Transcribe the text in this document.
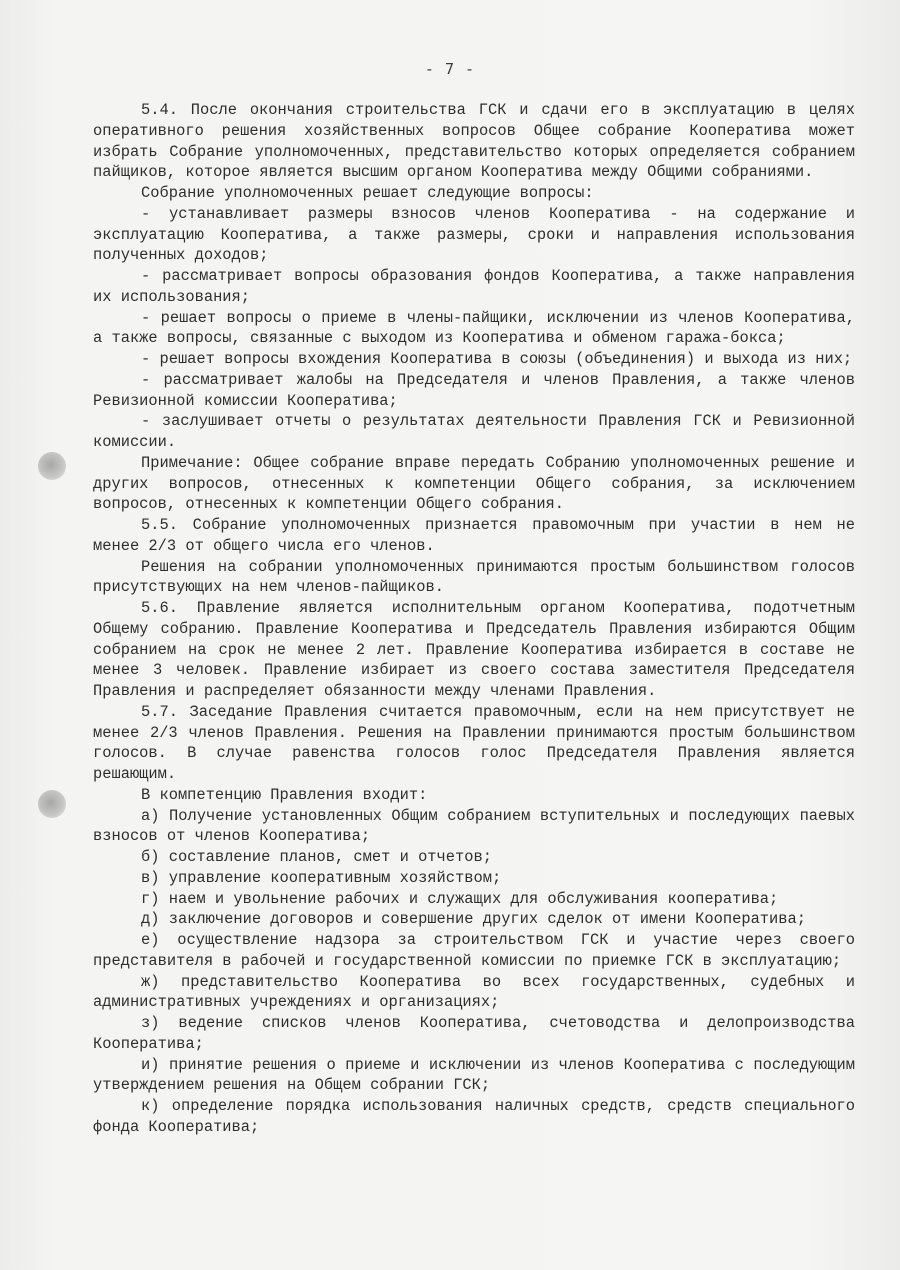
- 7 -

5.4. После окончания строительства ГСК и сдачи его в эксплуатацию в целях оперативного решения хозяйственных вопросов Общее собрание Кооператива может избрать Собрание уполномоченных, представительство которых определяется собранием пайщиков, которое является высшим органом Кооператива между Общими собраниями.

Собрание уполномоченных решает следующие вопросы:

- устанавливает размеры взносов членов Кооператива - на содержание и эксплуатацию Кооператива, а также размеры, сроки и направления использования полученных доходов;

- рассматривает вопросы образования фондов Кооператива, а также направления их использования;

- решает вопросы о приеме в члены-пайщики, исключении из членов Кооператива, а также вопросы, связанные с выходом из Кооператива и обменом гаража-бокса;

- решает вопросы вхождения Кооператива в союзы (объединения) и выхода из них;

- рассматривает жалобы на Председателя и членов Правления, а также членов Ревизионной комиссии Кооператива;

- заслушивает отчеты о результатах деятельности Правления ГСК и Ревизионной комиссии.

Примечание: Общее собрание вправе передать Собранию уполномоченных решение и других вопросов, отнесенных к компетенции Общего собрания, за исключением вопросов, отнесенных к компетенции Общего собрания.

5.5. Собрание уполномоченных признается правомочным при участии в нем не менее 2/3 от общего числа его членов.

Решения на собрании уполномоченных принимаются простым большинством голосов присутствующих на нем членов-пайщиков.

5.6. Правление является исполнительным органом Кооператива, подотчетным Общему собранию. Правление Кооператива и Председатель Правления избираются Общим собранием на срок не менее 2 лет. Правление Кооператива избирается в составе не менее 3 человек. Правление избирает из своего состава заместителя Председателя Правления и распределяет обязанности между членами Правления.

5.7. Заседание Правления считается правомочным, если на нем присутствует не менее 2/3 членов Правления. Решения на Правлении принимаются простым большинством голосов. В случае равенства голосов голос Председателя Правления является решающим.

В компетенцию Правления входит:

а) Получение установленных Общим собранием вступительных и последующих паевых взносов от членов Кооператива;

б) составление планов, смет и отчетов;

в) управление кооперативным хозяйством;

г) наем и увольнение рабочих и служащих для обслуживания кооператива;

д) заключение договоров и совершение других сделок от имени Кооператива;

е) осуществление надзора за строительством ГСК и участие через своего представителя в рабочей и государственной комиссии по приемке ГСК в эксплуатацию;

ж) представительство Кооператива во всех государственных, судебных и административных учреждениях и организациях;

з) ведение списков членов Кооператива, счетоводства и делопроизводства Кооператива;

и) принятие решения о приеме и исключении из членов Кооператива с последующим утверждением решения на Общем собрании ГСК;

к) определение порядка использования наличных средств, средств специального фонда Кооператива;
